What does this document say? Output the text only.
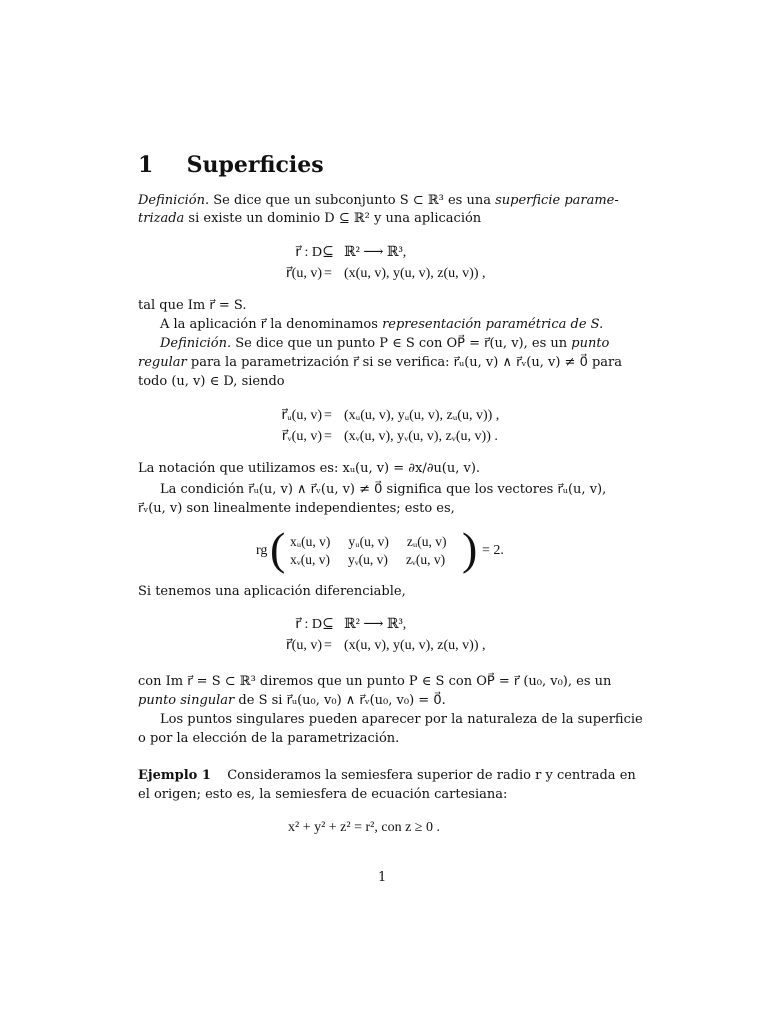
1 Superficies
Definición. Se dice que un subconjunto S ⊂ ℝ³ es una superficie parame-
trizada si existe un dominio D ⊆ ℝ² y una aplicación
r⃗ : D ⊆ ℝ² ⟶ ℝ³,
r⃗(u, v) = (x(u, v), y(u, v), z(u, v)) ,
tal que Im r⃗ = S.
A la aplicación r⃗ la denominamos representación paramétrica de S.
Definición. Se dice que un punto P ∈ S con OP⃗ = r⃗(u, v), es un punto
regular para la parametrización r⃗ si se verifica: r⃗ᵤ(u, v) ∧ r⃗ᵥ(u, v) ≠ 0⃗ para
todo (u, v) ∈ D, siendo
r⃗ᵤ(u, v) = (xᵤ(u, v), yᵤ(u, v), zᵤ(u, v)) ,
r⃗ᵥ(u, v) = (xᵥ(u, v), yᵥ(u, v), zᵥ(u, v)) .
La notación que utilizamos es: xᵤ(u, v) = ∂x/∂u(u, v).
La condición r⃗ᵤ(u, v) ∧ r⃗ᵥ(u, v) ≠ 0⃗ significa que los vectores r⃗ᵤ(u, v),
r⃗ᵥ(u, v) son linealmente independientes; esto es,
rg ( xᵤ(u, v) yᵤ(u, v) zᵤ(u, v)
xᵥ(u, v) yᵥ(u, v) zᵥ(u, v) ) = 2.
Si tenemos una aplicación diferenciable,
r⃗ : D ⊆ ℝ² ⟶ ℝ³,
r⃗(u, v) = (x(u, v), y(u, v), z(u, v)) ,
con Im r⃗ = S ⊂ ℝ³ diremos que un punto P ∈ S con OP⃗ = r⃗ (u₀, v₀), es un
punto singular de S si r⃗ᵤ(u₀, v₀) ∧ r⃗ᵥ(u₀, v₀) = 0⃗.
Los puntos singulares pueden aparecer por la naturaleza de la superficie
o por la elección de la parametrización.
Ejemplo 1 Consideramos la semiesfera superior de radio r y centrada en
el origen; esto es, la semiesfera de ecuación cartesiana:
x² + y² + z² = r², con z ≥ 0 .
1
